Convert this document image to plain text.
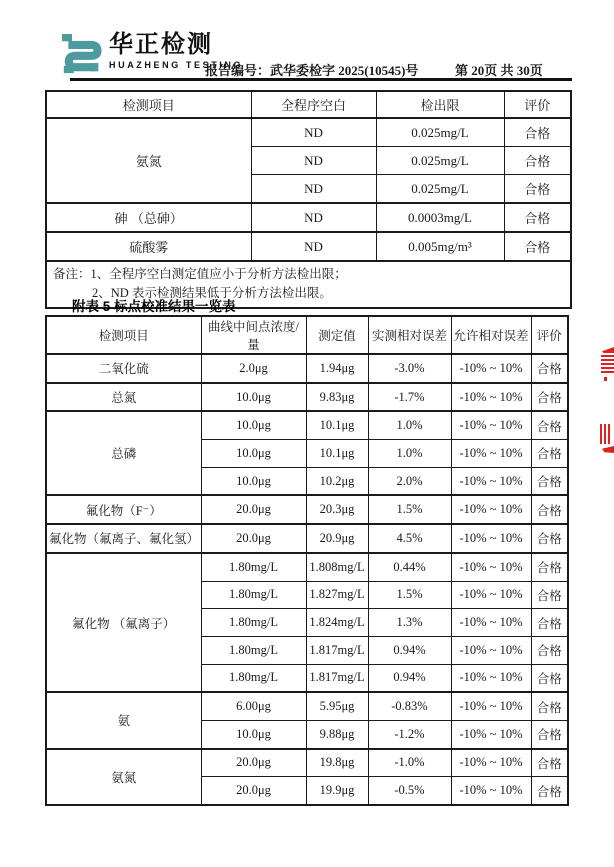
华正检测
HUAZHENG TESTING
报告编号：武华委检字 2025(10545)号	第 20页 共 30页
检测项目	全程序空白	检出限	评价
氨氮	ND	0.025mg/L	合格
	ND	0.025mg/L	合格
	ND	0.025mg/L	合格
砷 （总砷）	ND	0.0003mg/L	合格
硫酸雾	ND	0.005mg/m³	合格

备注：1、全程序空白测定值应小于分析方法检出限；
2、ND 表示检测结果低于分析方法检出限。			
附表 5 标点校准结果一览表
检测项目	曲线中间点浓度/量	测定值	实测相对误差	允许相对误差	评价
二氧化硫	2.0μg	1.94μg	-3.0%	-10% ~ 10%	合格
总氮	10.0μg	9.83μg	-1.7%	-10% ~ 10%	合格
总磷	10.0μg	10.1μg	1.0%	-10% ~ 10%	合格
	10.0μg	10.1μg	1.0%	-10% ~ 10%	合格
	10.0μg	10.2μg	2.0%	-10% ~ 10%	合格
氟化物（F⁻）	20.0μg	20.3μg	1.5%	-10% ~ 10%	合格
氟化物（氟离子、氟化氢）	20.0μg	20.9μg	4.5%	-10% ~ 10%	合格
氟化物 （氟离子）	1.80mg/L	1.808mg/L	0.44%	-10% ~ 10%	合格
	1.80mg/L	1.827mg/L	1.5%	-10% ~ 10%	合格
	1.80mg/L	1.824mg/L	1.3%	-10% ~ 10%	合格
	1.80mg/L	1.817mg/L	0.94%	-10% ~ 10%	合格
	1.80mg/L	1.817mg/L	0.94%	-10% ~ 10%	合格
氨	6.00μg	5.95μg	-0.83%	-10% ~ 10%	合格
	10.0μg	9.88μg	-1.2%	-10% ~ 10%	合格
氨氮	20.0μg	19.8μg	-1.0%	-10% ~ 10%	合格
	20.0μg	19.9μg	-0.5%	-10% ~ 10%	合格
